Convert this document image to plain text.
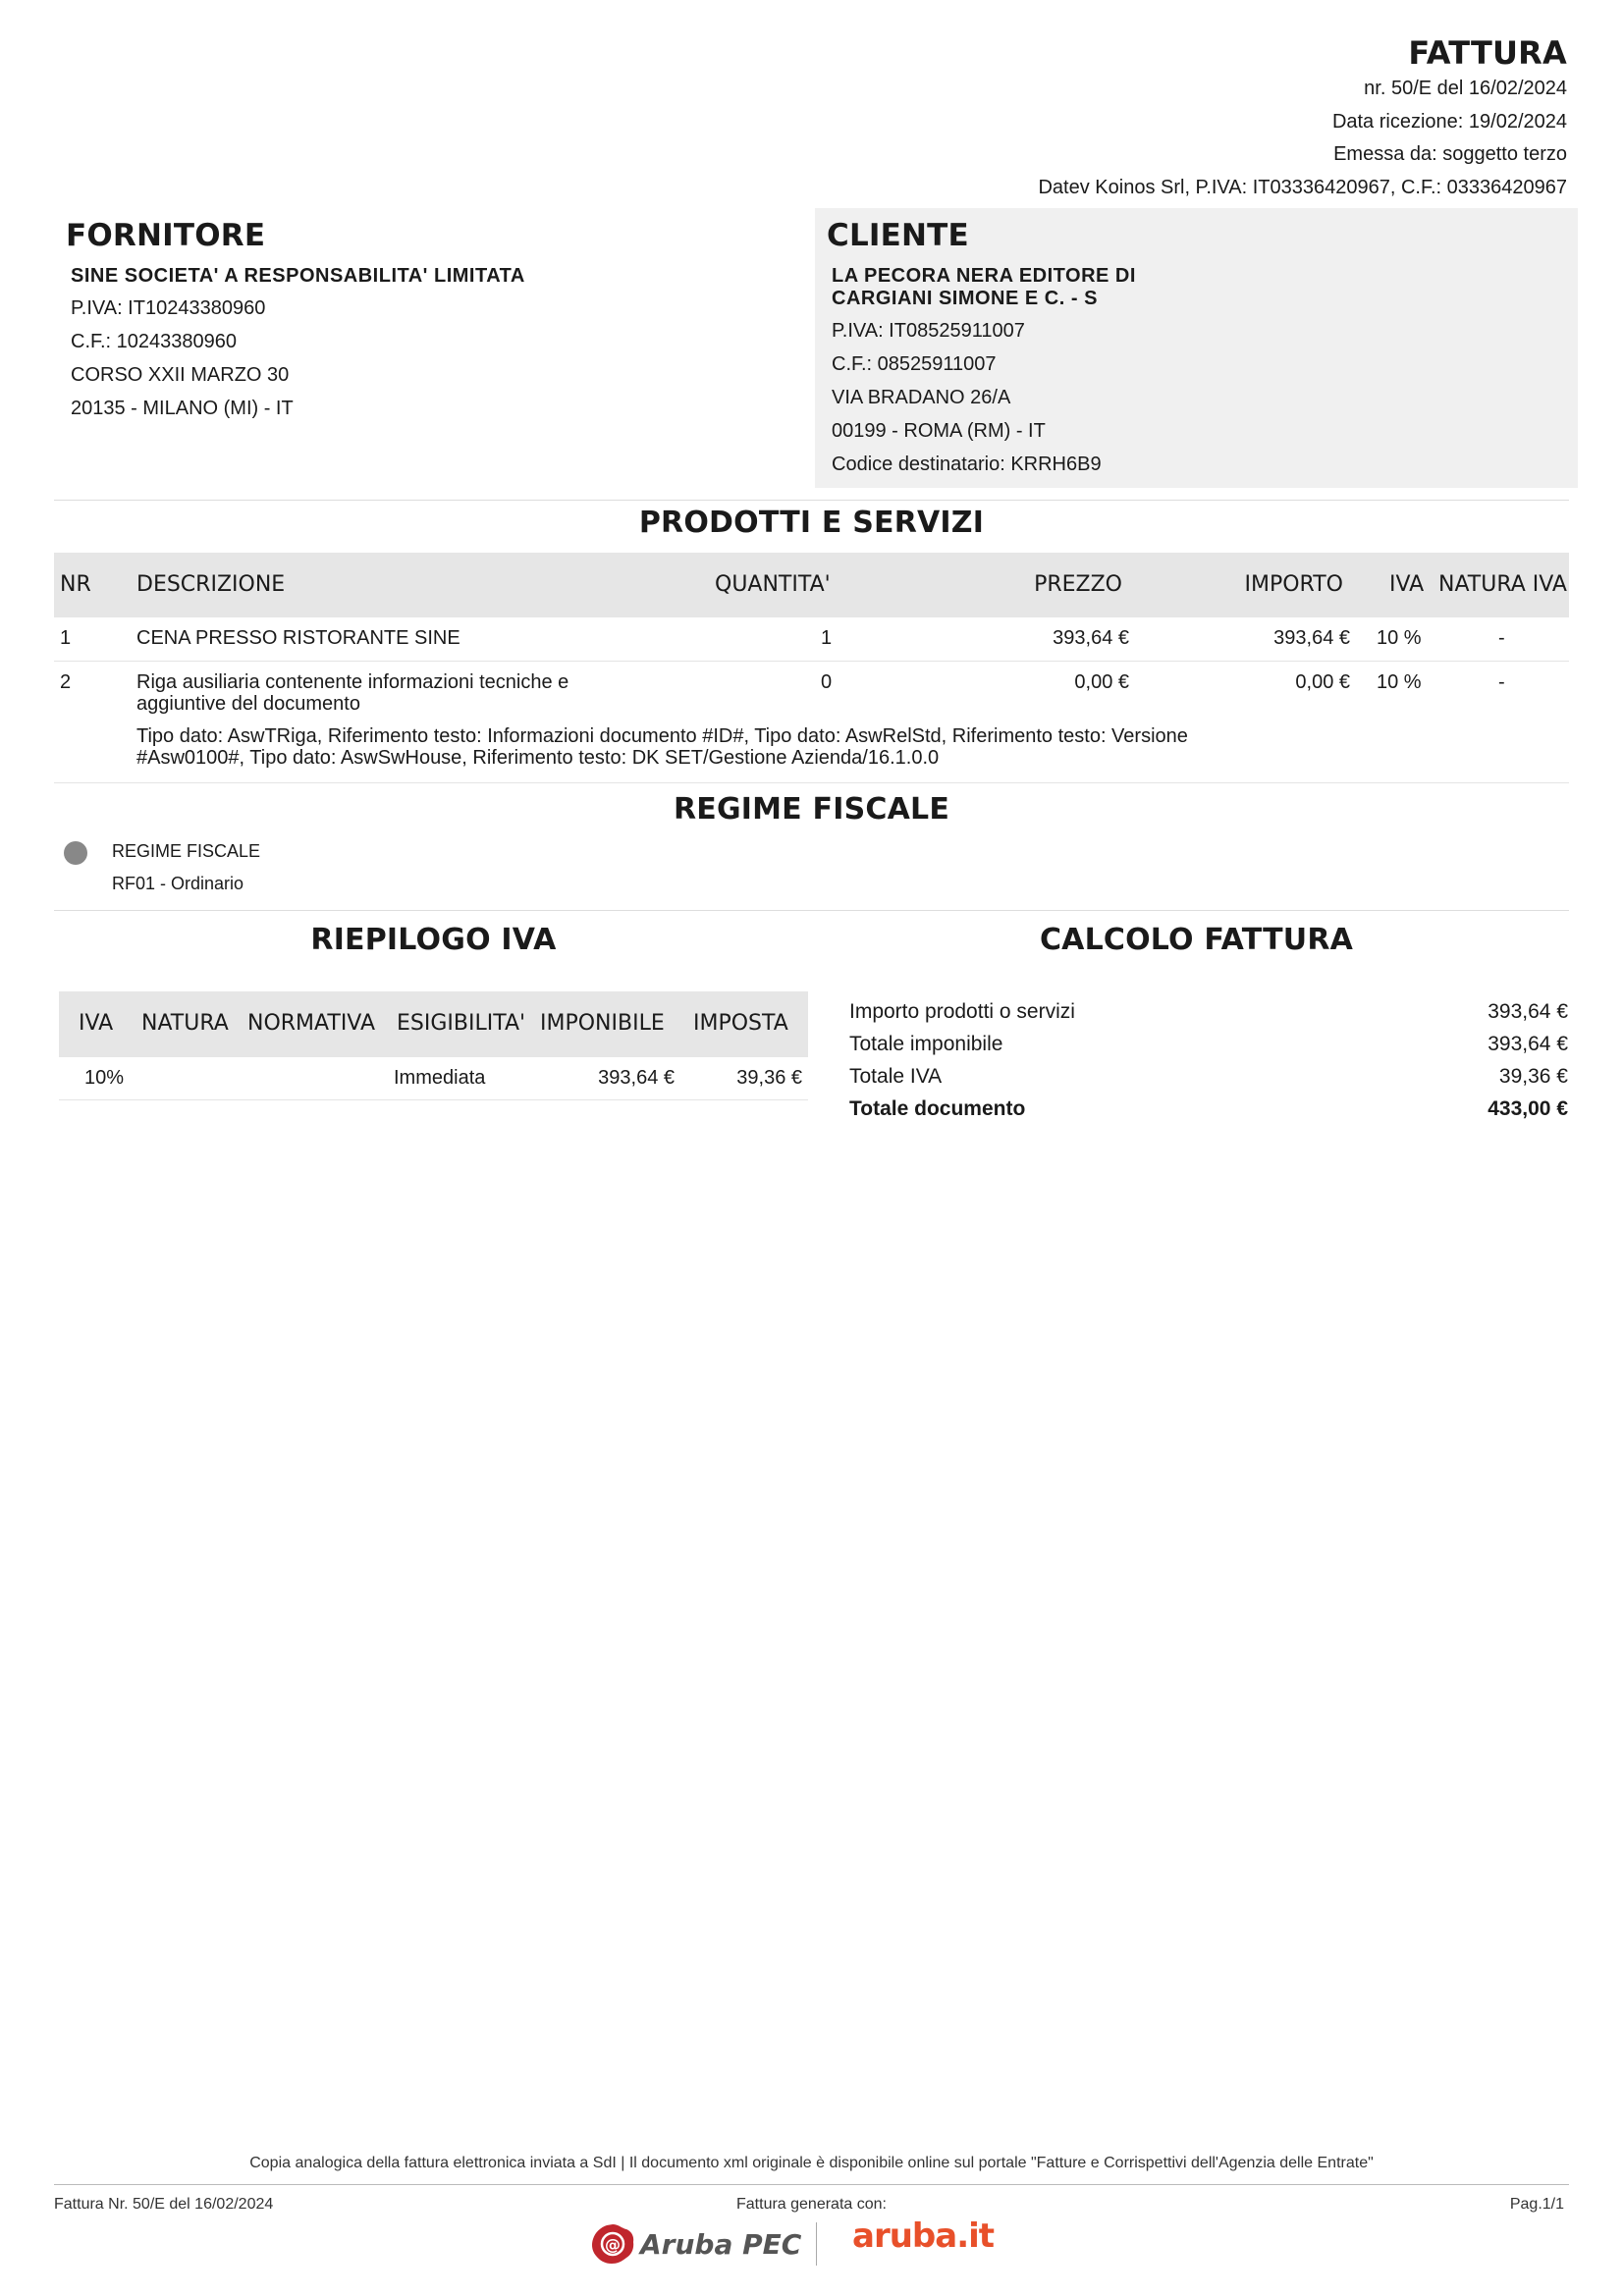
FATTURA
nr. 50/E del 16/02/2024
Data ricezione: 19/02/2024
Emessa da: soggetto terzo
Datev Koinos Srl, P.IVA: IT03336420967, C.F.: 03336420967
FORNITORE
SINE SOCIETA' A RESPONSABILITA' LIMITATA
P.IVA: IT10243380960
C.F.: 10243380960
CORSO XXII MARZO 30
20135 - MILANO (MI) - IT
CLIENTE
LA PECORA NERA EDITORE DI
CARGIANI SIMONE E C. - S
P.IVA: IT08525911007
C.F.: 08525911007
VIA BRADANO 26/A
00199 - ROMA (RM) - IT
Codice destinatario: KRRH6B9
PRODOTTI E SERVIZI
NR DESCRIZIONE	QUANTITA'	PREZZO	IMPORTO IVA NATURA IVA
1	CENA PRESSO RISTORANTE SINE	1	393,64 €	393,64 € 10 %	-
2	Riga ausiliaria contenente informazioni tecniche e
aggiuntive del documento
0	0,00 €	0,00 € 10 %	-
Tipo dato: AswTRiga, Riferimento testo: Informazioni documento #ID#, Tipo dato: AswRelStd, Riferimento testo: Versione
#Asw0100#, Tipo dato: AswSwHouse, Riferimento testo: DK SET/Gestione Azienda/16.1.0.0
REGIME FISCALE
REGIME FISCALE
RF01 - Ordinario
RIEPILOGO IVA
IVA NATURA NORMATIVA ESIGIBILITA' IMPONIBILE IMPOSTA
10%	Immediata	393,64 €	39,36 €
CALCOLO FATTURA
Importo prodotti o servizi	393,64 €
Totale imponibile	393,64 €
Totale IVA	39,36 €
Totale documento	433,00 €
Copia analogica della fattura elettronica inviata a SdI | Il documento xml originale è disponibile online sul portale "Fatture e Corrispettivi dell'Agenzia delle Entrate"
Fattura Nr. 50/E del 16/02/2024	Fattura generata con:	Pag.1/1
@ Aruba PEC aruba.it
